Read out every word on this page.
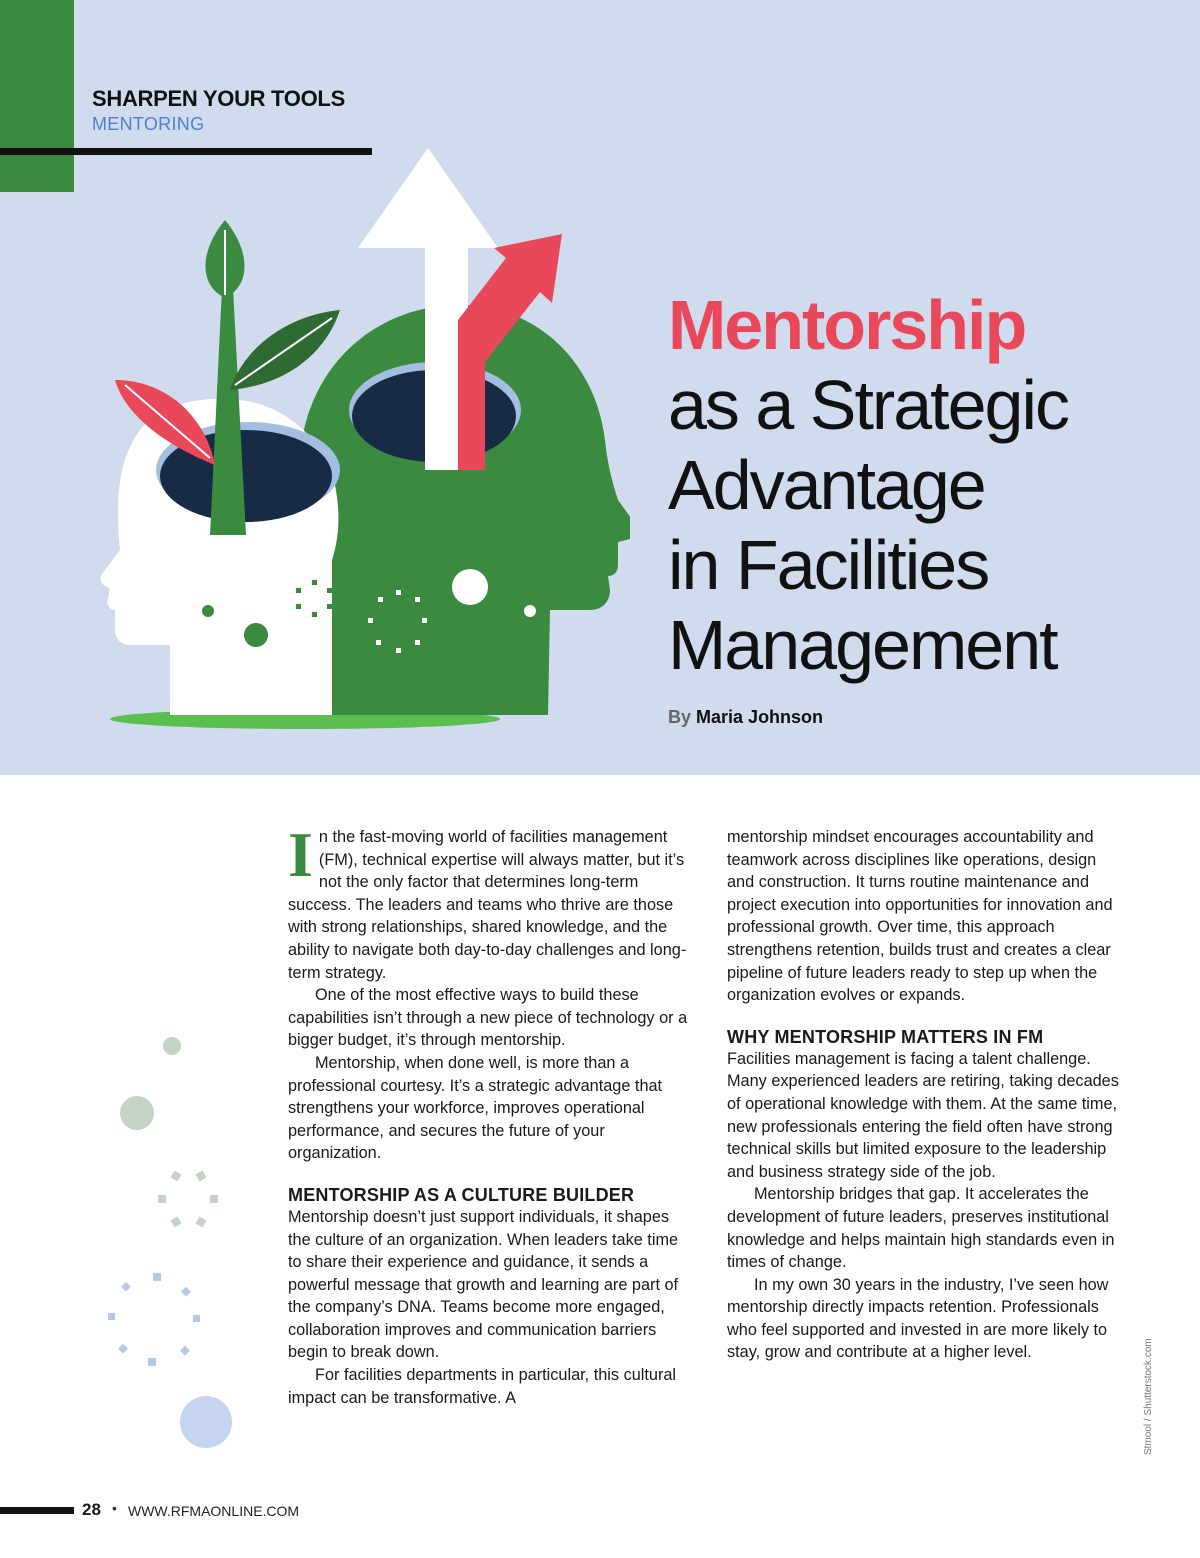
SHARPEN YOUR TOOLS
MENTORING
Mentorship
as a Strategic
Advantage
in Facilities
Management
By Maria Johnson

In the fast-moving world of facilities management (FM), technical expertise will always matter, but it’s not the only factor that determines long-term success. The leaders and teams who thrive are those with strong relationships, shared knowledge, and the ability to navigate both day-to-day challenges and long-term strategy.

One of the most effective ways to build these capabilities isn’t through a new piece of technology or a bigger budget, it’s through mentorship.

Mentorship, when done well, is more than a professional courtesy. It’s a strategic advantage that strengthens your workforce, improves operational performance, and secures the future of your organization.

MENTORSHIP AS A CULTURE BUILDER

Mentorship doesn’t just support individuals, it shapes the culture of an organization. When leaders take time to share their experience and guidance, it sends a powerful message that growth and learning are part of the company’s DNA. Teams become more engaged, collaboration improves and communication barriers begin to break down.

For facilities departments in particular, this cultural impact can be transformative. A

mentorship mindset encourages accountability and teamwork across disciplines like operations, design and construction. It turns routine maintenance and project execution into opportunities for innovation and professional growth. Over time, this approach strengthens retention, builds trust and creates a clear pipeline of future leaders ready to step up when the organization evolves or expands.

WHY MENTORSHIP MATTERS IN FM

Facilities management is facing a talent challenge. Many experienced leaders are retiring, taking decades of operational knowledge with them. At the same time, new professionals entering the field often have strong technical skills but limited exposure to the leadership and business strategy side of the job.

Mentorship bridges that gap. It accelerates the development of future leaders, preserves institutional knowledge and helps maintain high standards even in times of change.

In my own 30 years in the industry, I’ve seen how mentorship directly impacts retention. Professionals who feel supported and invested in are more likely to stay, grow and contribute at a higher level.	Stmool / Shutterstock.com
28 • WWW.RFMAONLINE.COM
